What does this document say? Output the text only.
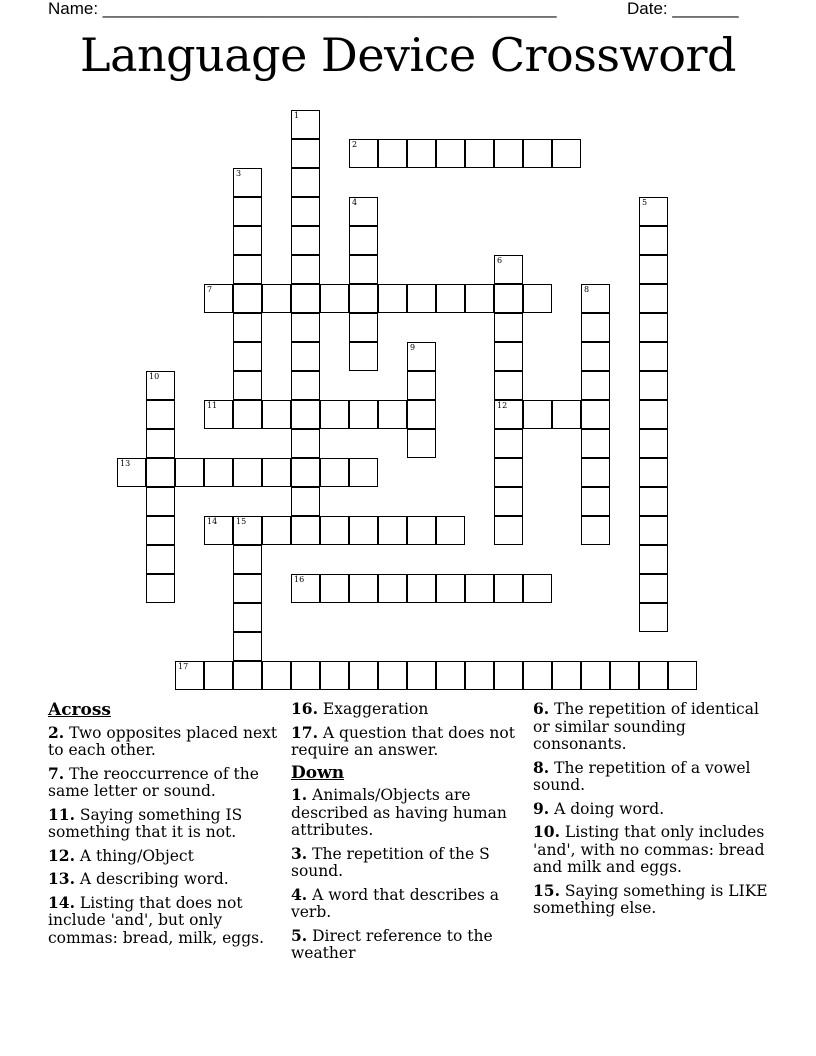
Name: ________________________________________________	Date: _______
Language Device Crossword
2
7
11	12
13
14 15
16
17
1
3
4	5
6
8
9
10
Across
2. Two opposites placed next to each other.
7. The reoccurrence of the same letter or sound.
11. Saying something IS something that it is not.
12. A thing/Object
13. A describing word.
14. Listing that does not include 'and', but only commas: bread, milk, eggs.
16. Exaggeration
17. A question that does not require an answer.
Down
1. Animals/Objects are described as having human attributes.
3. The repetition of the S sound.
4. A word that describes a verb.
5. Direct reference to the weather
6. The repetition of identical or similar sounding consonants.
8. The repetition of a vowel sound.
9. A doing word.
10. Listing that only includes 'and', with no commas: bread and milk and eggs.
15. Saying something is LIKE something else.
